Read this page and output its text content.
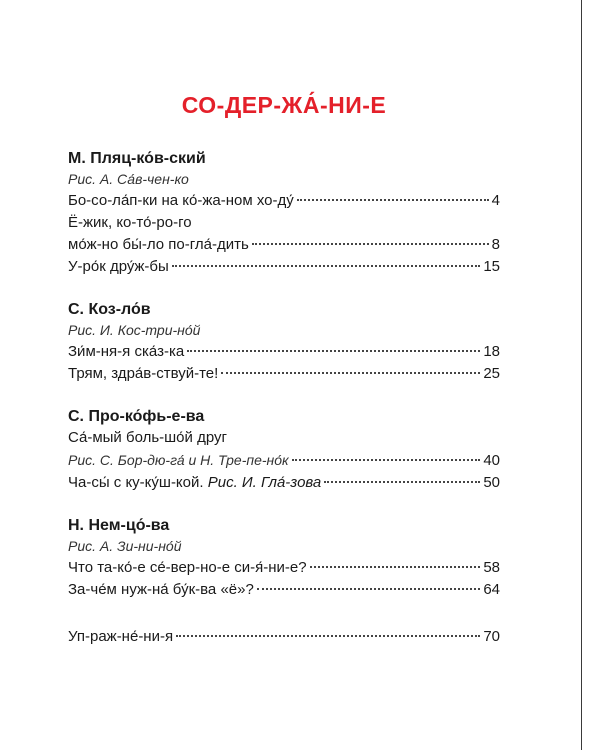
СО-ДЕР-ЖА́-НИ-Е

М. Пляц-ко́в-ский

Рис. А. Са́в-чен-ко

Бо-со-ла́п-ки на ко́-жа-ном хо-ду́	4

Ё-жик, ко-то́-ро-го

мо́ж-но бы́-ло по-гла́-дить	8
У-ро́к дру́ж-бы	15

С. Коз-ло́в

Рис. И. Кос-три-но́й

Зи́м-ня-я ска́з-ка	18
Трям, здра́в-ствуй-те!	25

С. Про-ко́фь-е-ва

Са́-мый боль-шо́й друг

Рис. С. Бор-дю-га́ и Н. Тре-пе-но́к	40
Ча-сы́ с ку-ку́ш-кой. Рис. И. Гла́-зова	50

Н. Нем-цо́-ва

Рис. А. Зи-ни-но́й

Что та-ко́-е се́-вер-но-е си-я́-ни-е?	58
За-че́м нуж-на́ бу́к-ва «ё»?	64
Уп-раж-не́-ни-я	70
